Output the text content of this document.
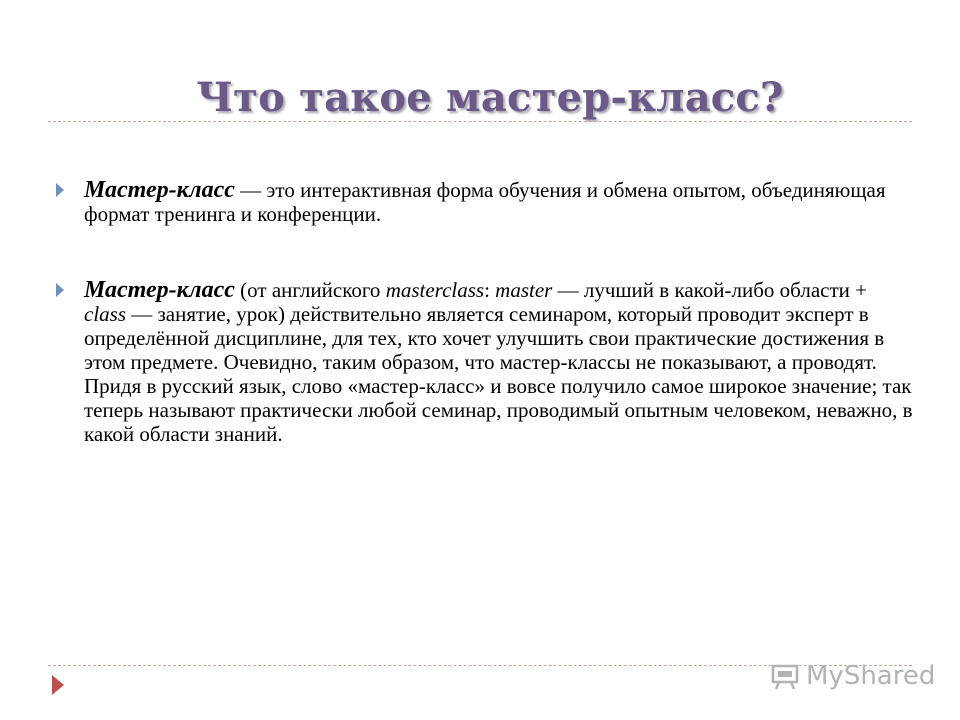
Что такое мастер-класс?
Мастер-класс — это интерактивная форма обучения и обмена опытом, объединяющая формат тренинга и конференции.
Мастер-класс (от английского masterclass: master — лучший в какой-либо области + class — занятие, урок) действительно является семинаром, который проводит эксперт в определённой дисциплине, для тех, кто хочет улучшить свои практические достижения в этом предмете. Очевидно, таким образом, что мастер-классы не показывают, а проводят. Придя в русский язык, слово «мастер-класс» и вовсе получило самое широкое значение; так теперь называют практически любой семинар, проводимый опытным человеком, неважно, в какой области знаний.
MyShared
